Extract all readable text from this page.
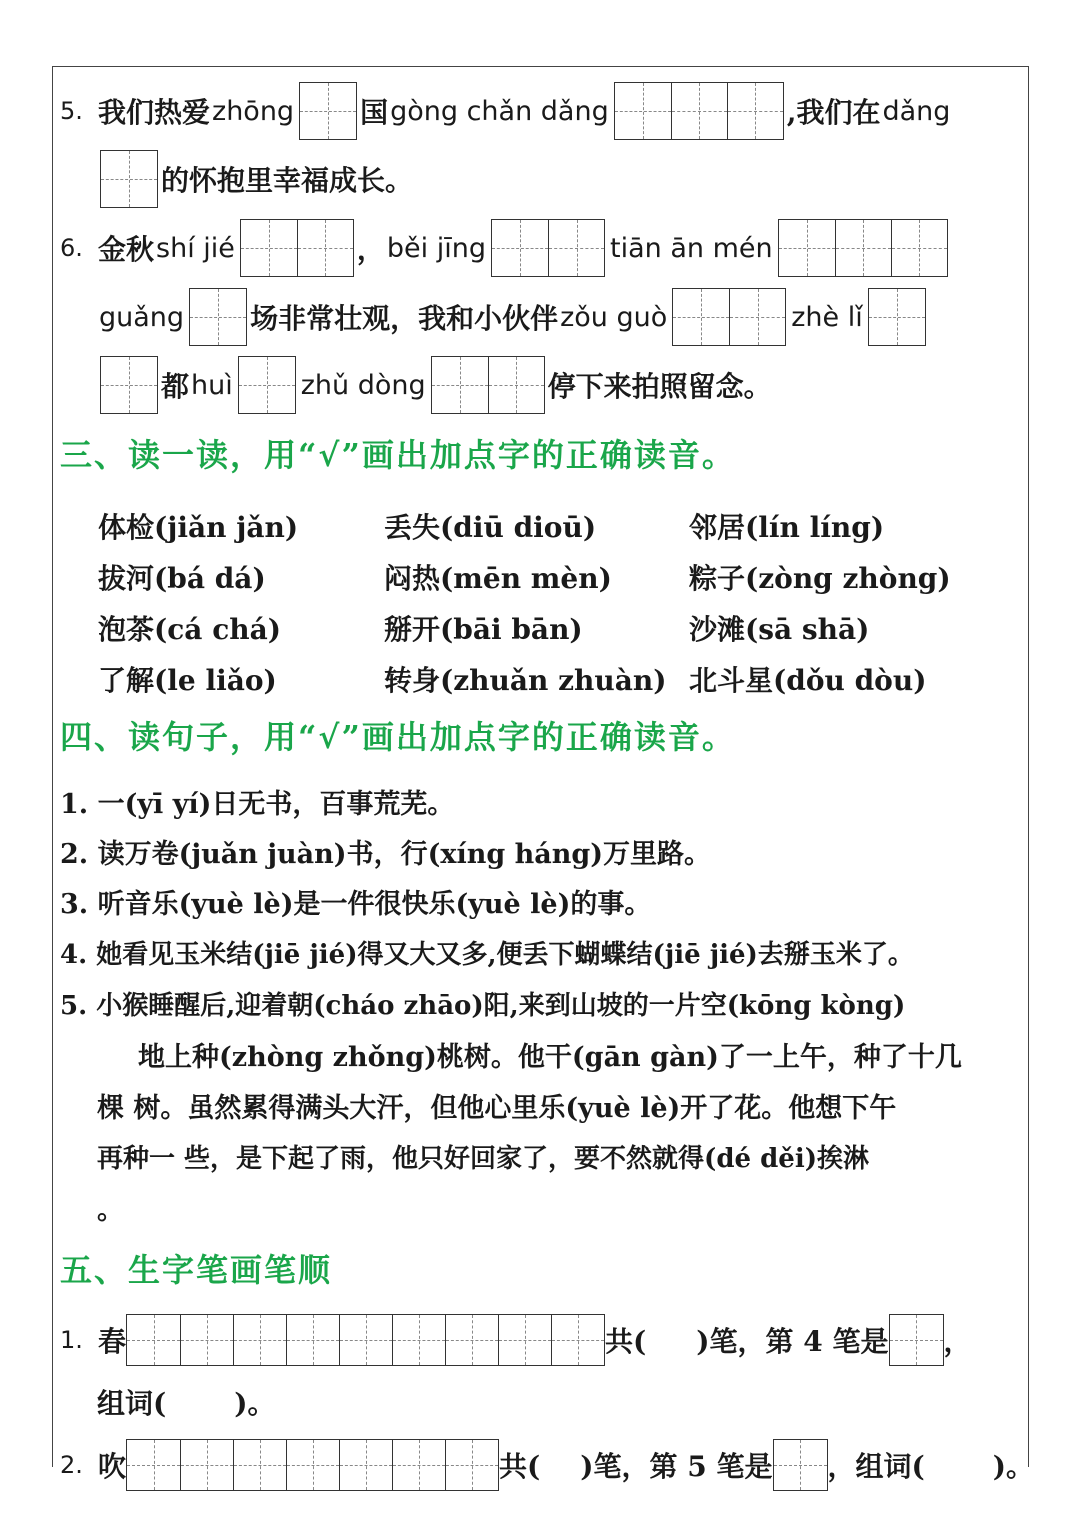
5. 我们热爱 zhōng 国 gòng chǎn dǎng	,我们在 dǎng
的怀抱里幸福成长。
6. 金秋 shí jié	， běi jīng	tiān ān mén
guǎng 场非常壮观，我和小伙伴 zǒu guò	zhè lǐ
都 huì	zhǔ dòng	停下来拍照留念。
三、读一读，用“√”画出加点字的正确读音。
体检(jiǎn jǎn)	丢失(diū dioū)	邻居(lín líng)
拔河(bá dá)	闷热(mēn mèn)	粽子(zòng zhòng)
泡茶(cá chá)	掰开(bāi bān)	沙滩(sā shā)
了解(le liǎo)	转身(zhuǎn zhuàn) 北斗星(dǒu dòu)
四、读句子，用“√”画出加点字的正确读音。
1. 一(yī yí)日无书，百事荒芜。
2. 读万卷(juǎn juàn)书，行(xíng háng)万里路。
3. 听音乐(yuè lè)是一件很快乐(yuè lè)的事。
4. 她看见玉米结(jiē jié)得又大又多,便丢下蝴蝶结(jiē jié)去掰玉米了。
5. 小猴睡醒后,迎着朝(cháo zhāo)阳,来到山坡的一片空(kōng kòng)
地上种(zhòng zhǒng)桃树。他干(gān gàn)了一上午，种了十几
棵 树。虽然累得满头大汗，但他心里乐(yuè lè)开了花。他想下午
再种一 些，是下起了雨，他只好回家了，要不然就得(dé děi)挨淋
。
五、生字笔画笔顺
1. 春	共( )笔，第 4 笔是 ，
组词( )。
2. 吹	共( )笔，第 5 笔是 ，组词( )。
